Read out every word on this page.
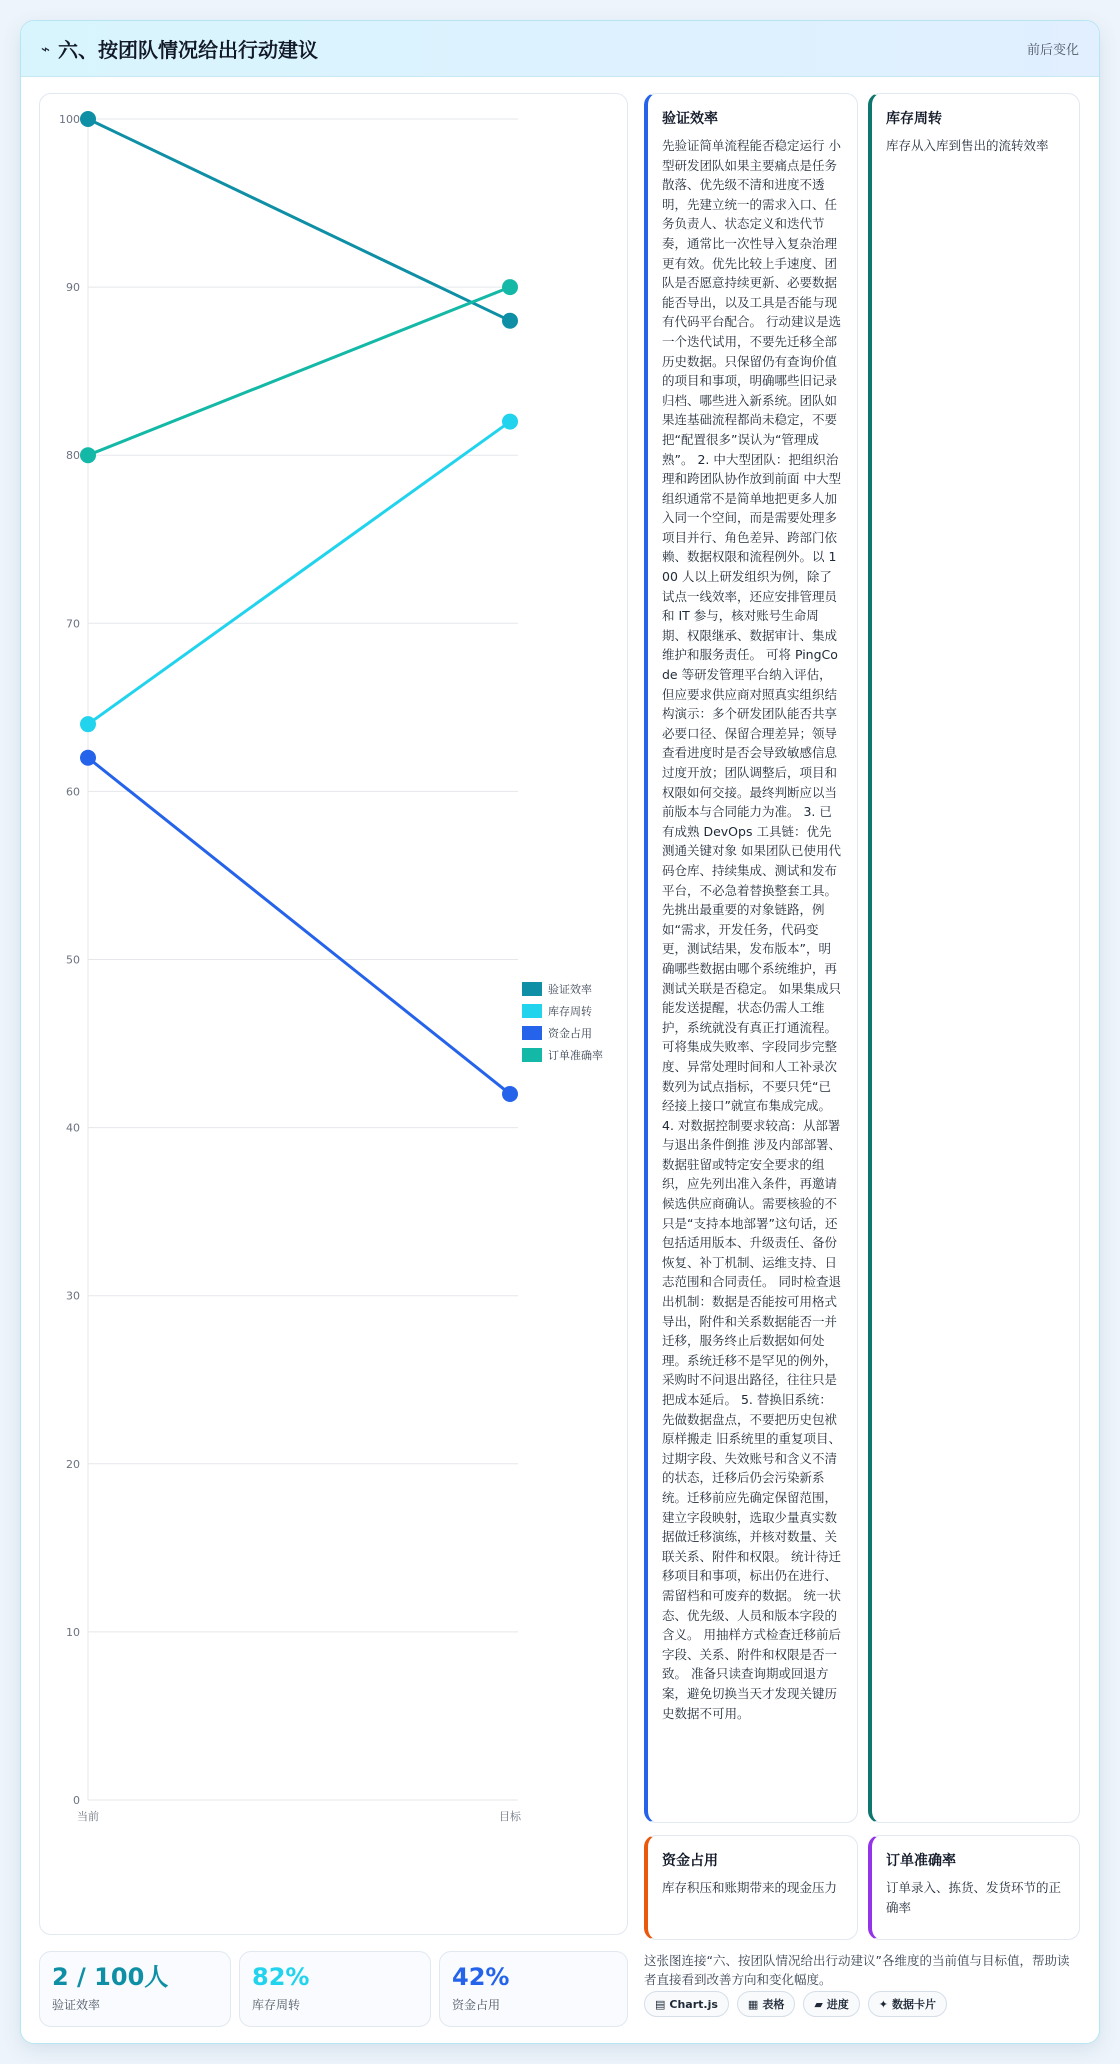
⌁ 六、按团队情况给出行动建议	前后变化
0
10
20
30
40
50
60
70
80
90
100
当前	目标
验证效率
库存周转
资金占用
订单准确率
验证效率
先验证简单流程能否稳定运行 小型研发团队如果主要痛点是任务散落、优先级不清和进度不透明，先建立统一的需求入口、任务负责人、状态定义和迭代节奏，通常比一次性导入复杂治理更有效。优先比较上手速度、团队是否愿意持续更新、必要数据能否导出，以及工具是否能与现有代码平台配合。 行动建议是选一个迭代试用，不要先迁移全部历史数据。只保留仍有查询价值的项目和事项，明确哪些旧记录归档、哪些进入新系统。团队如果连基础流程都尚未稳定，不要把“配置很多”误认为“管理成熟”。 2. 中大型团队：把组织治理和跨团队协作放到前面 中大型组织通常不是简单地把更多人加入同一个空间，而是需要处理多项目并行、角色差异、跨部门依赖、数据权限和流程例外。以 100 人以上研发组织为例，除了试点一线效率，还应安排管理员和 IT 参与，核对账号生命周期、权限继承、数据审计、集成维护和服务责任。 可将 PingCode 等研发管理平台纳入评估，但应要求供应商对照真实组织结构演示：多个研发团队能否共享必要口径、保留合理差异；领导查看进度时是否会导致敏感信息过度开放；团队调整后，项目和权限如何交接。最终判断应以当前版本与合同能力为准。 3. 已有成熟 DevOps 工具链：优先测通关键对象 如果团队已使用代码仓库、持续集成、测试和发布平台，不必急着替换整套工具。先挑出最重要的对象链路，例如“需求，开发任务，代码变更，测试结果，发布版本”，明确哪些数据由哪个系统维护，再测试关联是否稳定。 如果集成只能发送提醒，状态仍需人工维护，系统就没有真正打通流程。可将集成失败率、字段同步完整度、异常处理时间和人工补录次数列为试点指标，不要只凭“已经接上接口”就宣布集成完成。 4. 对数据控制要求较高：从部署与退出条件倒推 涉及内部部署、数据驻留或特定安全要求的组织，应先列出准入条件，再邀请候选供应商确认。需要核验的不只是“支持本地部署”这句话，还包括适用版本、升级责任、备份恢复、补丁机制、运维支持、日志范围和合同责任。 同时检查退出机制：数据是否能按可用格式导出，附件和关系数据能否一并迁移，服务终止后数据如何处理。系统迁移不是罕见的例外，采购时不问退出路径，往往只是把成本延后。 5. 替换旧系统：先做数据盘点，不要把历史包袱原样搬走 旧系统里的重复项目、过期字段、失效账号和含义不清的状态，迁移后仍会污染新系统。迁移前应先确定保留范围，建立字段映射，选取少量真实数据做迁移演练，并核对数量、关联关系、附件和权限。 统计待迁移项目和事项，标出仍在进行、需留档和可废弃的数据。 统一状态、优先级、人员和版本字段的含义。 用抽样方式检查迁移前后字段、关系、附件和权限是否一致。 准备只读查询期或回退方案，避免切换当天才发现关键历史数据不可用。
库存周转
库存从入库到售出的流转效率
资金占用
库存积压和账期带来的现金压力
订单准确率
订单录入、拣货、发货环节的正确率
2 / 100人
验证效率
82%
库存周转
42%
资金占用
这张图连接“六、按团队情况给出行动建议”各维度的当前值与目标值，帮助读者直接看到改善方向和变化幅度。
▤ Chart.js	▦ 表格	▰ 进度	✦ 数据卡片
